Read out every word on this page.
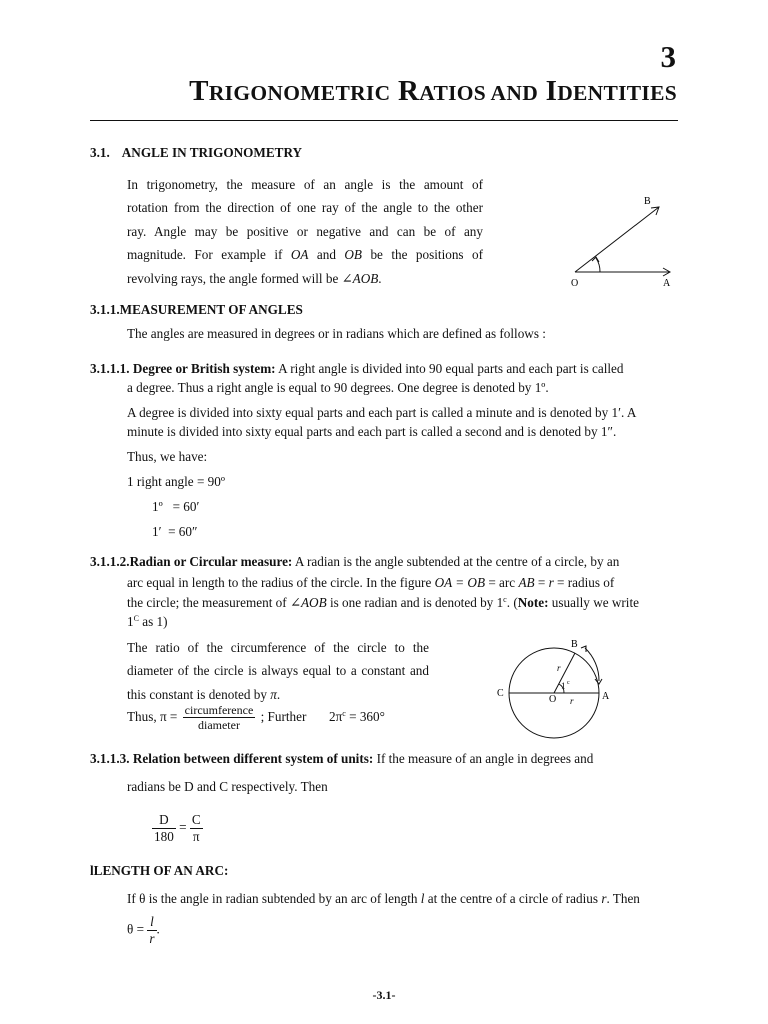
3
TRIGONOMETRIC RATIOS AND IDENTITIES
3.1. ANGLE IN TRIGONOMETRY
In trigonometry, the measure of an angle is the amount of
rotation from the direction of one ray of the angle to the other
ray. Angle may be positive or negative and can be of any
magnitude. For example if OA and OB be the positions of
revolving rays, the angle formed will be ∠AOB.
B
O	A
3.1.1.MEASUREMENT OF ANGLES
The angles are measured in degrees or in radians which are defined as follows :
3.1.1.1. Degree or British system: A right angle is divided into 90 equal parts and each part is called
a degree. Thus a right angle is equal to 90 degrees. One degree is denoted by 1º.
A degree is divided into sixty equal parts and each part is called a minute and is denoted by 1′. A
minute is divided into sixty equal parts and each part is called a second and is denoted by 1″.
Thus, we have:
1 right angle = 90º
1º   = 60′
1′  = 60″
3.1.1.2.Radian or Circular measure: A radian is the angle subtended at the centre of a circle, by an
arc equal in length to the radius of the circle. In the figure OA = OB = arc AB = r = radius of
the circle; the measurement of ∠AOB is one radian and is denoted by 1$^c$. (Note: usually we write
$1^C$ as 1)
The ratio of the circumference of the circle to the
diameter of the circle is always equal to a constant and
this constant is denoted by π.
Thus, $\pi = \frac{\text{circumference}}{\text{diameter}}$ ; Further $2\pi^c = 360^\circ$
B
r
1 c
C
O r	A
3.1.1.3. Relation between different system of units: If the measure of an angle in degrees and
radians be D and C respectively. Then
$\frac{D}{180} = \frac{C}{\pi}$
lLENGTH OF AN ARC:
If θ is the angle in radian subtended by an arc of length l at the centre of a circle of radius r. Then
$\theta = \frac{l}{r}$ .
-3.1-
